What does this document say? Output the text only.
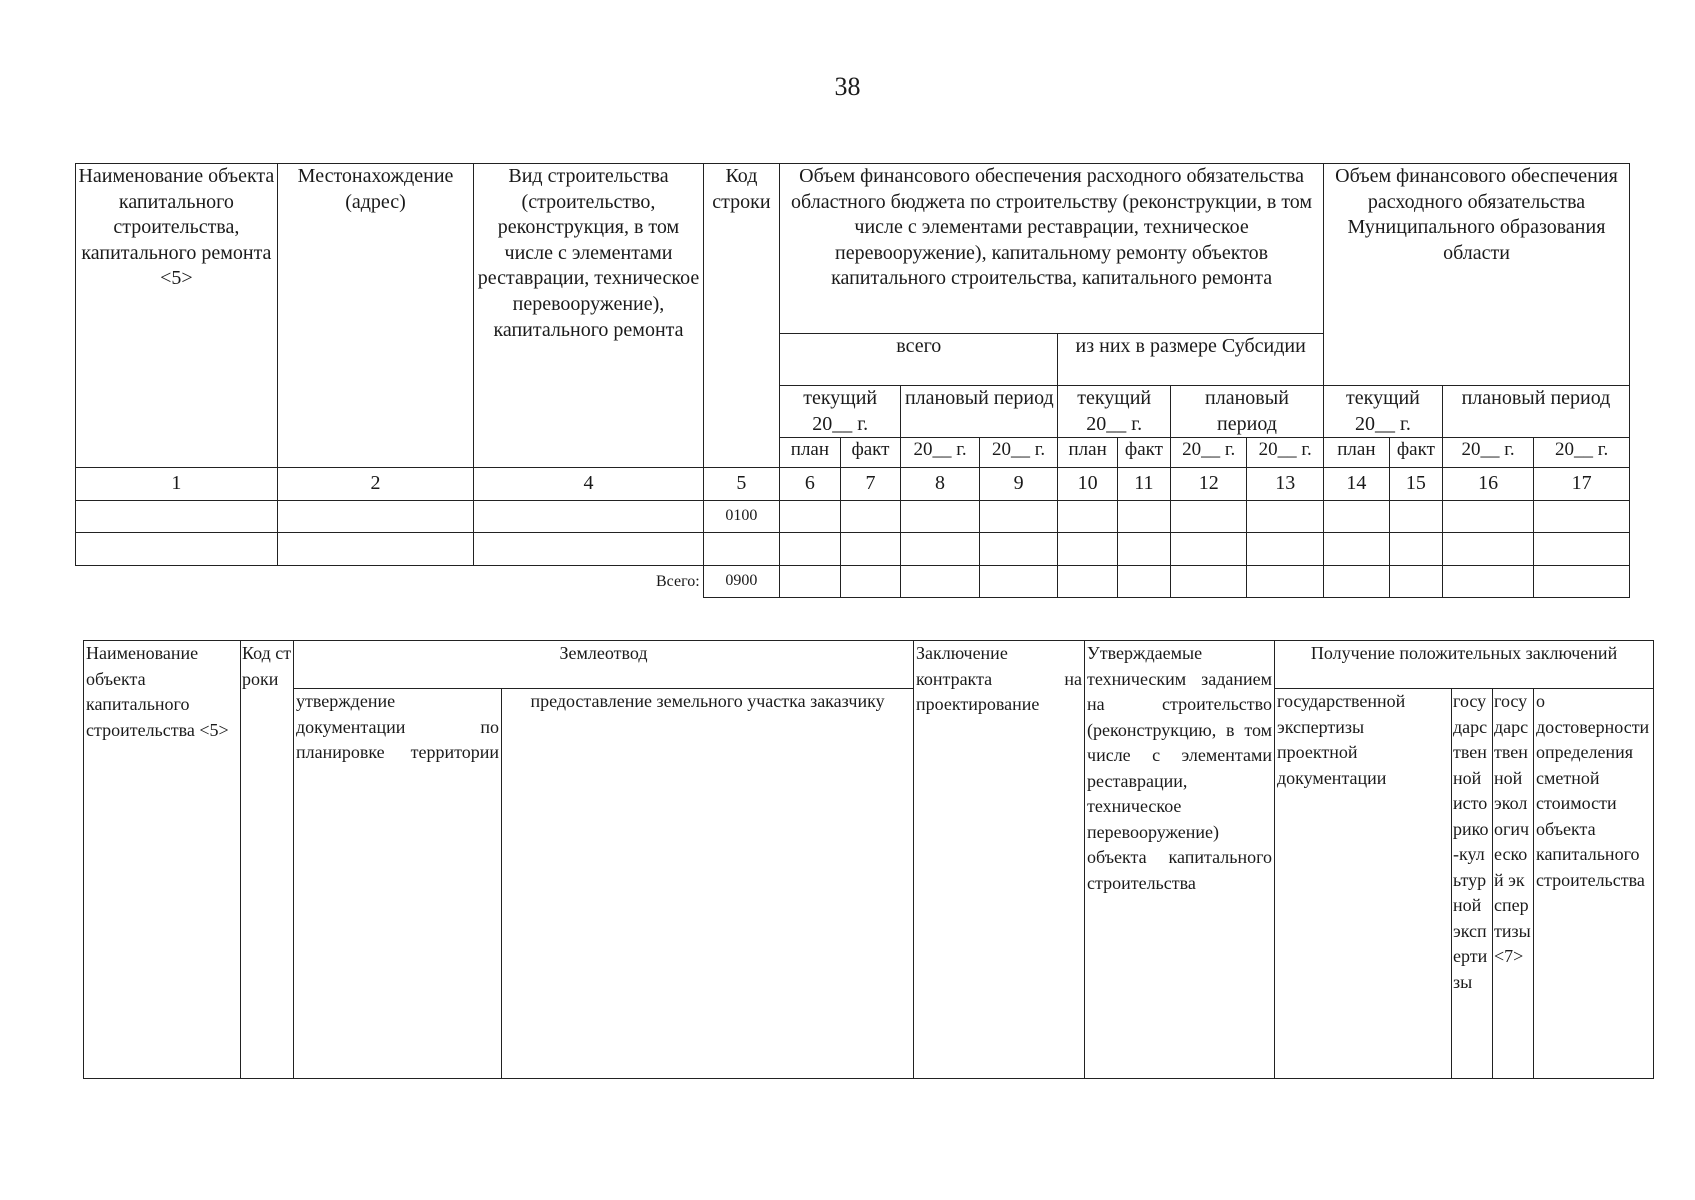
38
Наименование объекта капитального строительства, капитального ремонта <5>	Местонахождение (адрес)	Вид строительства (строительство, реконструкция, в том числе с элементами реставрации, техническое перевооружение), капитального ремонта	Код строки	Объем финансового обеспечения расходного обязательства областного бюджета по строительству (реконструкции, в том числе с элементами реставрации, техническое перевооружение), капитальному ремонту объектов капитального строительства, капитального ремонта								Объем финансового обеспечения расходного обязательства Муниципального образования области			
				всего				из них в размере Субсидии							
				текущий 20__ г.		плановый период		текущий 20__ г.		плановый период		текущий 20__ г.		плановый период	
				план	факт	20__ г.	20__ г.	план	факт	20__ г.	20__ г.	план	факт	20__ г.	20__ г.

1	2	4	5	6	7	8	9	10	11	12	13	14	15	16	17
			0100												

		Всего:	0900												
Наименование объекта капитального строительства <5>	Код строки	Землеотвод		Заключение контракта на проектирование	Утверждаемые техническим заданием на строительство (реконструкцию, в том числе с элементами реставрации, техническое перевооружение) объекта капитального строительства	Получение положительных заключений			

		утверждение документации по планировке территории	предоставление земельного участка заказчику			государственной экспертизы проектной документации	государственной историко-культурной экспертизы	государственной экологической экспертизы <7>	о достоверности определения сметной стоимости объекта капитального строительства
